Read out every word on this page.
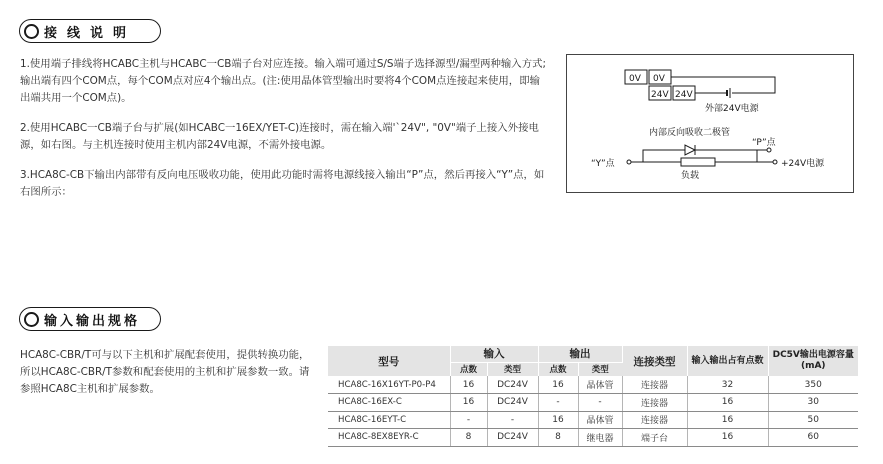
接线说明
1.使用端子排线将HCABC主机与HCABC一CB端子台对应连接。输入端可通过S/S端子选择源型/漏型两种输入方式;输出端有四个COM点，每个COM点对应4个输出点。(注:使用晶体管型输出时要将4个COM点连接起来使用，即输出端共用一个COM点)。
2.使用HCABC一CB端子台与扩展(如HCABC一16EX/YET-C)连接时，需在输入端'`24V", "0V"端子上接入外接电源，如右图。与主机连接时使用主机内部24V电源，不需外接电源。
3.HCA8C-CB下输出内部带有反向电压吸收功能，使用此功能时需将电源线接入输出“P”点，然后再接入“Y”点，如右图所示：
0V 0V
24V 24V
外部24V电源
内部反向吸收二极管
“P”点
“Y”点	+24V电源
负载
输入输出规格
HCA8C-CBR/T可与以下主机和扩展配套使用，提供转换功能，所以HCA8C-CBR/T参数和配套使用的主机和扩展参数一致。请参照HCA8C主机和扩展参数。
型号	输入		输出		连接类型	输入输出占有点数	DC5V输出电源容量 (mA)
	点数	类型	点数	类型			
HCA8C-16X16YT-P0-P4	16	DC24V	16	晶体管	连接器	32	350
HCA8C-16EX-C	16	DC24V	-	-	连接器	16	30
HCA8C-16EYT-C	-	-	16	晶体管	连接器	16	50
HCA8C-8EX8EYR-C	8	DC24V	8	继电器	端子台	16	60
